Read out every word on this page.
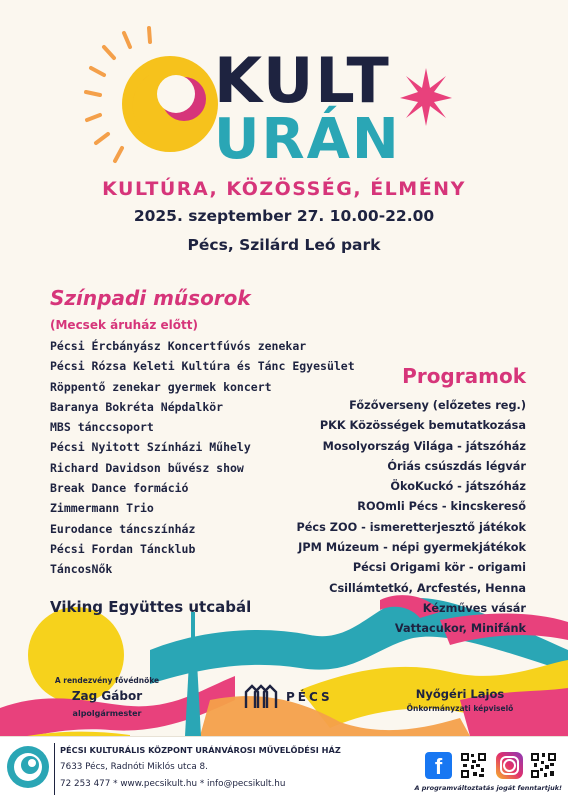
KULT
URÁN
KULTÚRA, KÖZÖSSÉG, ÉLMÉNY
2025. szeptember 27. 10.00-22.00
Pécs, Szilárd Leó park
Színpadi műsorok
(Mecsek áruház előtt)
Pécsi Ércbányász Koncertfúvós zenekar
Pécsi Rózsa Keleti Kultúra és Tánc Egyesület
Röppentő zenekar gyermek koncert
Baranya Bokréta Népdalkör
MBS tánccsoport
Pécsi Nyitott Színházi Műhely
Richard Davidson bűvész show
Break Dance formáció
Zimmermann Trio
Eurodance táncszínház
Pécsi Fordan Táncklub
TáncosNők
Programok
Főzőverseny (előzetes reg.)
PKK Közösségek bemutatkozása
Mosolyország Világa - játszóház
Óriás csúszdás légvár
ÖkoKuckó - játszóház
ROOmli Pécs - kincskereső
Pécs ZOO - ismeretterjesztő játékok
JPM Múzeum - népi gyermekjátékok
Pécsi Origami kör - origami
Csillámtetkó, Arcfestés, Henna
Kézműves vásár
Vattacukor, Minifánk
Viking Együttes utcabál
A rendezvény fővédnöke
Zag Gábor
alpolgármester
PÉCS	Nyőgéri Lajos
Önkormányzati képviselő
PÉCSI KULTURÁLIS KÖZPONT URÁNVÁROSI MŰVELŐDÉSI HÁZ
7633 Pécs, Radnóti Miklós utca 8.
72 253 477 * www.pecsikult.hu * info@pecsikult.hu
f
A programváltoztatás jogát fenntartjuk!
